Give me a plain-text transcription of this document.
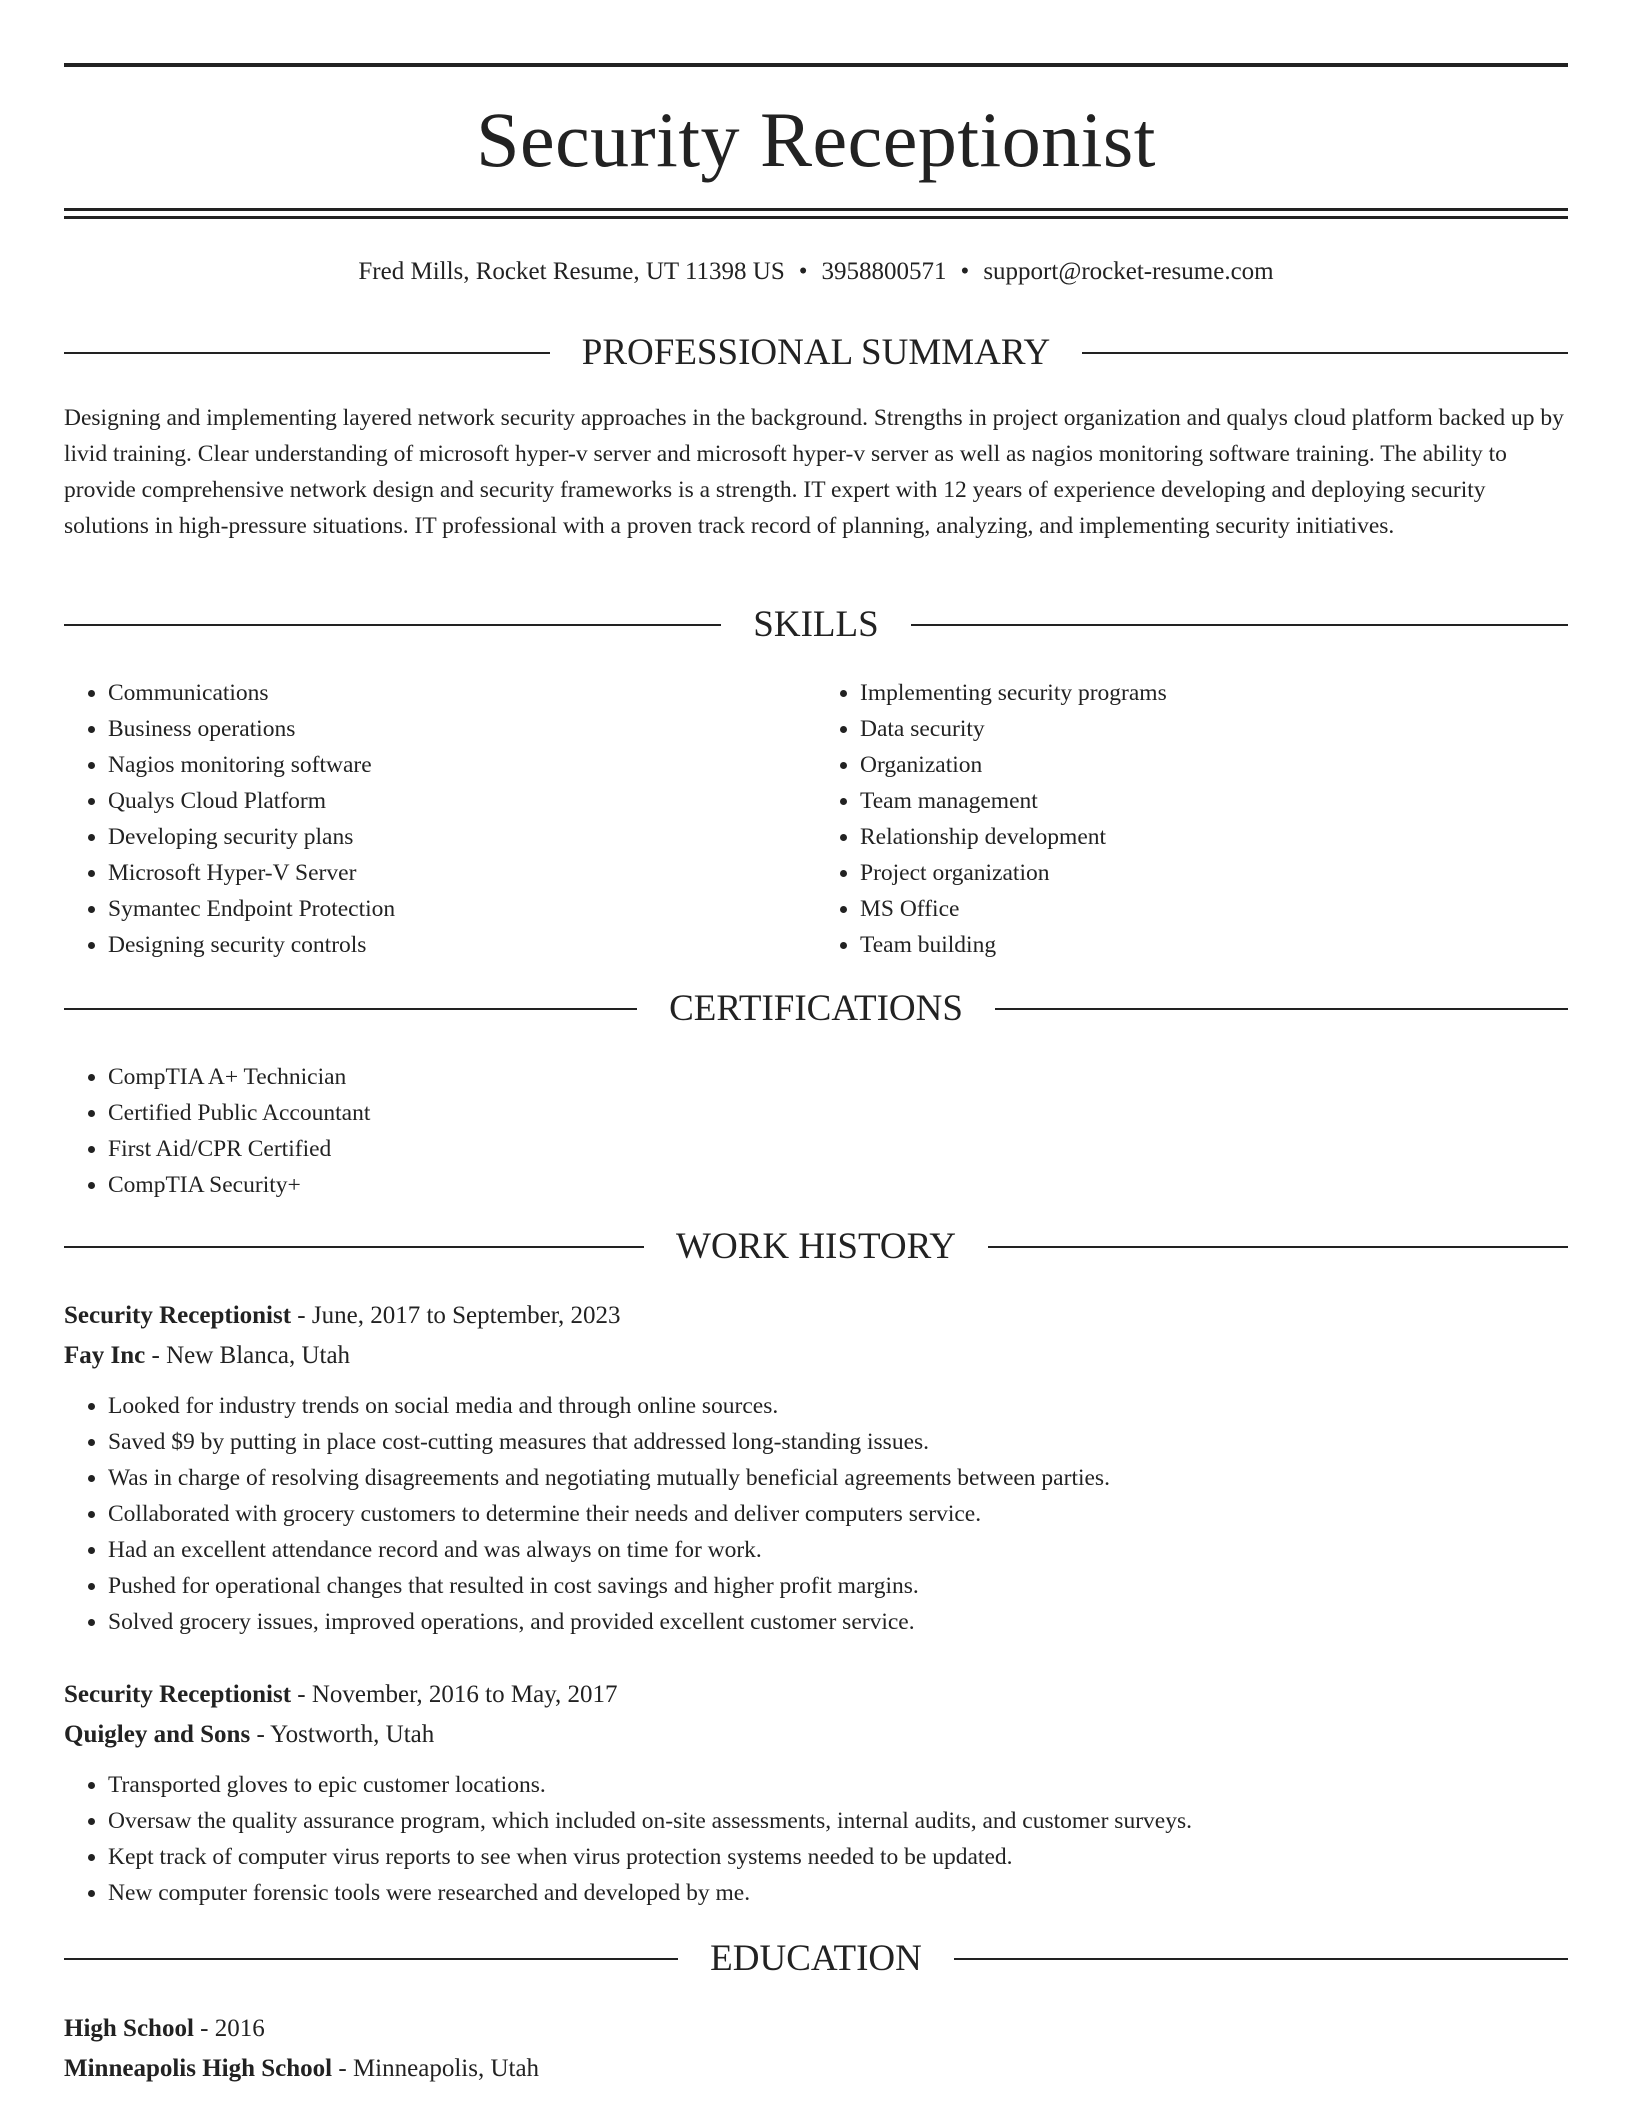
Security Receptionist
Fred Mills, Rocket Resume, UT 11398 US • 3958800571 • support@rocket-resume.com
PROFESSIONAL SUMMARY

Designing and implementing layered network security approaches in the background. Strengths in project organization and qualys cloud platform backed up by livid training. Clear understanding of microsoft hyper-v server and microsoft hyper-v server as well as nagios monitoring software training. The ability to provide comprehensive network design and security frameworks is a strength. IT expert with 12 years of experience developing and deploying security solutions in high-pressure situations. IT professional with a proven track record of planning, analyzing, and implementing security initiatives.

SKILLS
• Communications
• Business operations
• Nagios monitoring software
• Qualys Cloud Platform
• Developing security plans
• Microsoft Hyper-V Server
• Symantec Endpoint Protection
• Designing security controls
• Implementing security programs
• Data security
• Organization
• Team management
• Relationship development
• Project organization
• MS Office
• Team building
CERTIFICATIONS
• CompTIA A+ Technician
• Certified Public Accountant
• First Aid/CPR Certified
• CompTIA Security+
WORK HISTORY
Security Receptionist - June, 2017 to September, 2023
Fay Inc - New Blanca, Utah
• Looked for industry trends on social media and through online sources.
• Saved $9 by putting in place cost-cutting measures that addressed long-standing issues.
• Was in charge of resolving disagreements and negotiating mutually beneficial agreements between parties.
• Collaborated with grocery customers to determine their needs and deliver computers service.
• Had an excellent attendance record and was always on time for work.
• Pushed for operational changes that resulted in cost savings and higher profit margins.
• Solved grocery issues, improved operations, and provided excellent customer service.
Security Receptionist - November, 2016 to May, 2017
Quigley and Sons - Yostworth, Utah
• Transported gloves to epic customer locations.
• Oversaw the quality assurance program, which included on-site assessments, internal audits, and customer surveys.
• Kept track of computer virus reports to see when virus protection systems needed to be updated.
• New computer forensic tools were researched and developed by me.
EDUCATION
High School - 2016
Minneapolis High School - Minneapolis, Utah
